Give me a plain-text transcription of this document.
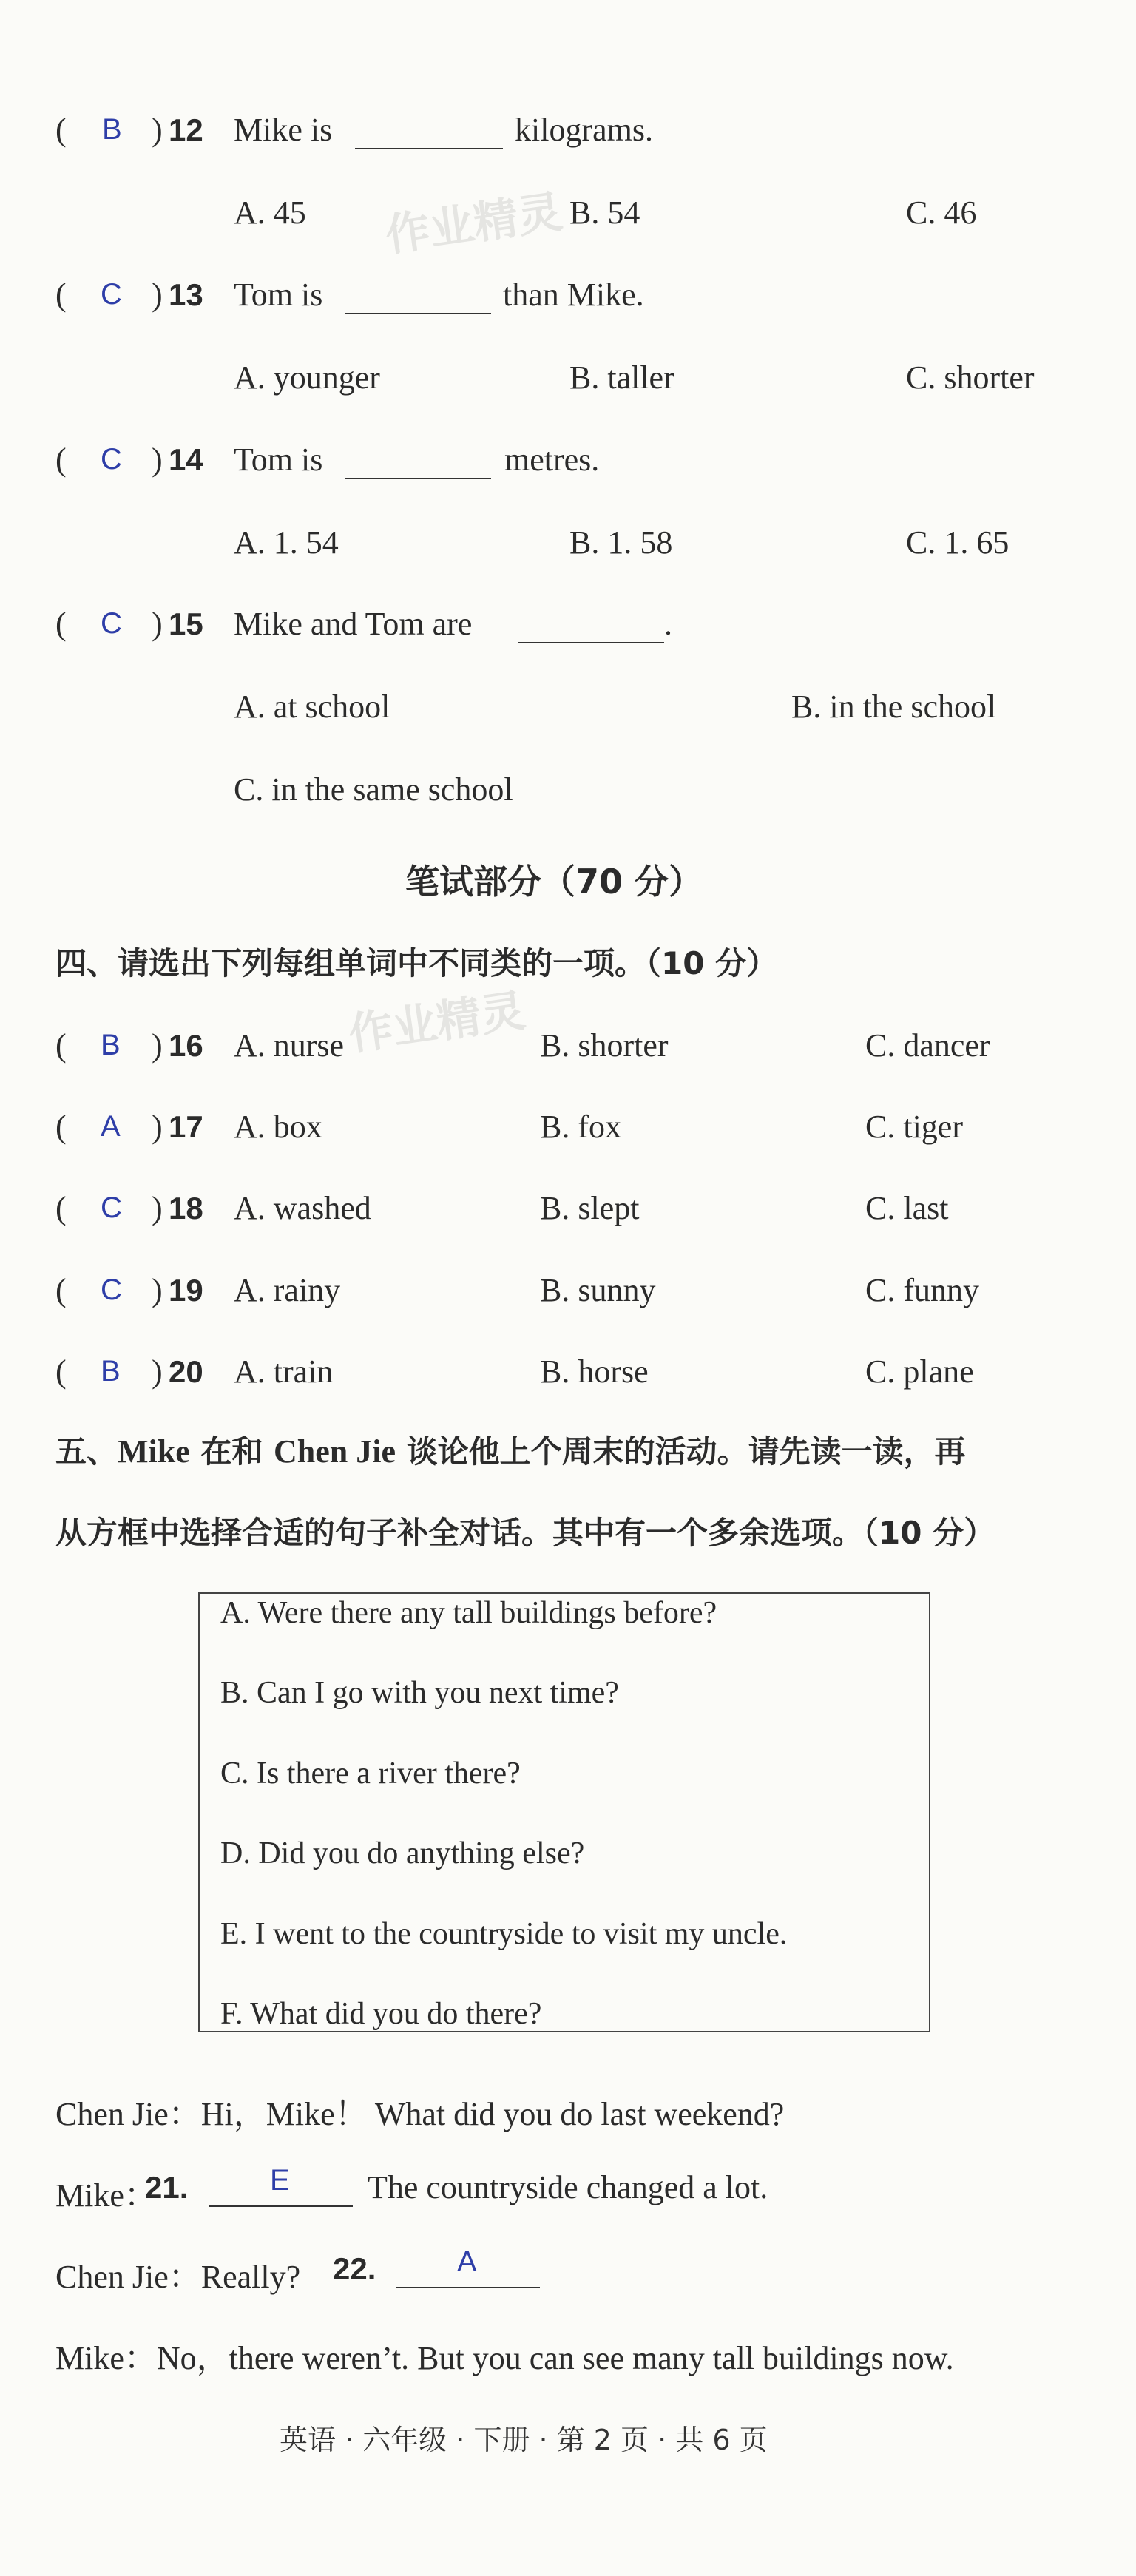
作业精灵
作业精灵
( B ) 12 Mike is	kilograms.
A. 45	B. 54	C. 46
( C ) 13 Tom is	than Mike.
A. younger	B. taller	C. shorter
( C ) 14 Tom is	metres.
A. 1. 54	B. 1. 58	C. 1. 65
( C ) 15 Mike and Tom are	.
A. at school	B. in the school
C. in the same school
笔试部分（70 分）
四、请选出下列每组单词中不同类的一项。（10 分）
( B ) 16 A. nurse	B. shorter	C. dancer
( A ) 17 A. box	B. fox	C. tiger
( C ) 18 A. washed	B. slept	C. last
( C ) 19 A. rainy	B. sunny	C. funny
( B ) 20 A. train	B. horse	C. plane
五、Mike 在和 Chen Jie 谈论他上个周末的活动。请先读一读，再
从方框中选择合适的句子补全对话。其中有一个多余选项。（10 分）
A. Were there any tall buildings before?
B. Can I go with you next time?
C. Is there a river there?
D. Did you do anything else?
E. I went to the countryside to visit my uncle.
F. What did you do there?
Chen Jie：Hi，Mike！ What did you do last weekend?
Mike：
21.	E The countryside changed a lot.
Chen Jie：Really? 22.	A
Mike：No，there weren’t. But you can see many tall buildings now.
英语 · 六年级 · 下册 · 第 2 页 · 共 6 页
